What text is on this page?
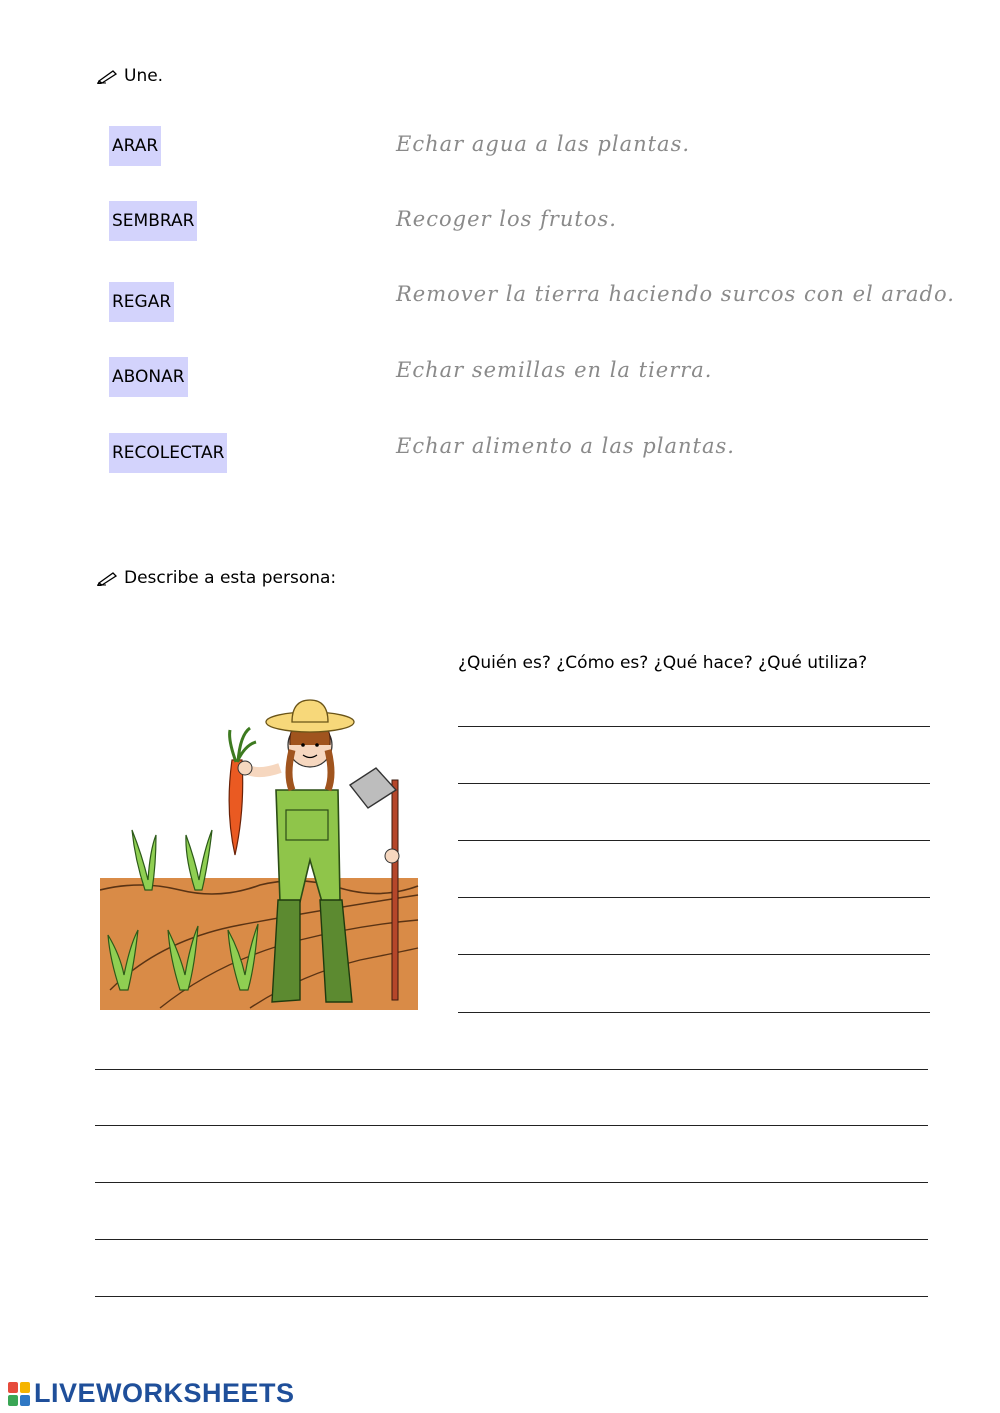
Une.
ARAR
SEMBRAR
REGAR
ABONAR
RECOLECTAR
Echar agua a las plantas.
Recoger los frutos.
Remover la tierra haciendo surcos con el arado.
Echar semillas en la tierra.
Echar alimento a las plantas.
Describe a esta persona:
¿Quién es? ¿Cómo es? ¿Qué hace? ¿Qué utiliza?
LIVEWORKSHEETS
